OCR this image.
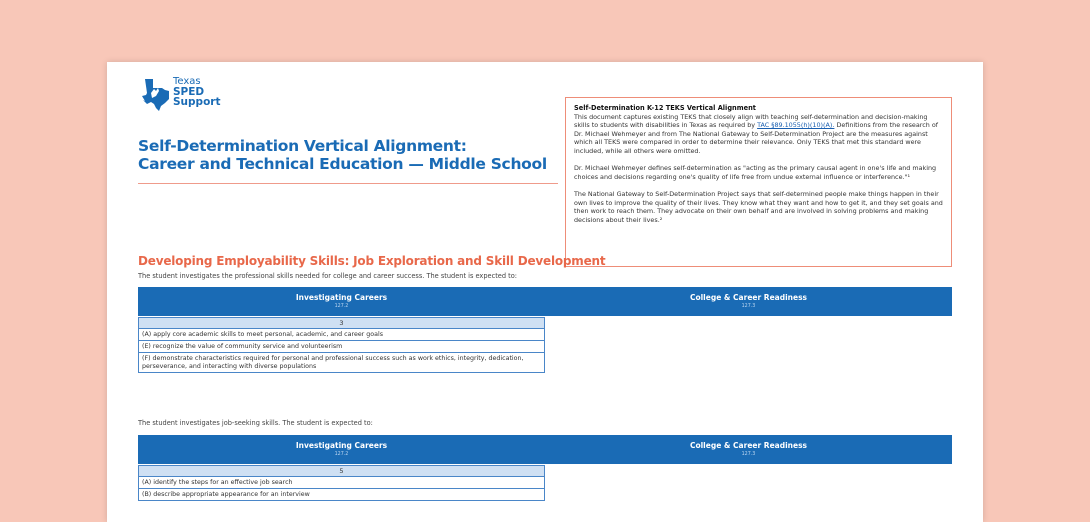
Texas
SPED
Support
Self-Determination Vertical Alignment:
Career and Technical Education — Middle School
Self-Determination K-12 TEKS Vertical Alignment

This document captures existing TEKS that closely align with teaching self-determination and decision-making skills to students with disabilities in Texas as required by TAC §89.1055(h)(10)(A). Definitions from the research of Dr. Michael Wehmeyer and from The National Gateway to Self-Determination Project are the measures against which all TEKS were compared in order to determine their relevance. Only TEKS that met this standard were included, while all others were omitted.

Dr. Michael Wehmeyer defines self-determination as "acting as the primary causal agent in one's life and making choices and decisions regarding one's quality of life free from undue external influence or interference."¹

The National Gateway to Self-Determination Project says that self-determined people make things happen in their own lives to improve the quality of their lives. They know what they want and how to get it, and they set goals and then work to reach them. They advocate on their own behalf and are involved in solving problems and making decisions about their lives.²

Developing Employability Skills: Job Exploration and Skill Development
The student investigates the professional skills needed for college and career success. The student is expected to:
Investigating Careers
127.2
College & Career Readiness
127.3
3
(A) apply core academic skills to meet personal, academic, and career goals
(E) recognize the value of community service and volunteerism
(F) demonstrate characteristics required for personal and professional success such as work ethics, integrity, dedication, perseverance, and interacting with diverse populations
The student investigates job-seeking skills. The student is expected to:
Investigating Careers
127.2
College & Career Readiness
127.3
5
(A) identify the steps for an effective job search
(B) describe appropriate appearance for an interview
